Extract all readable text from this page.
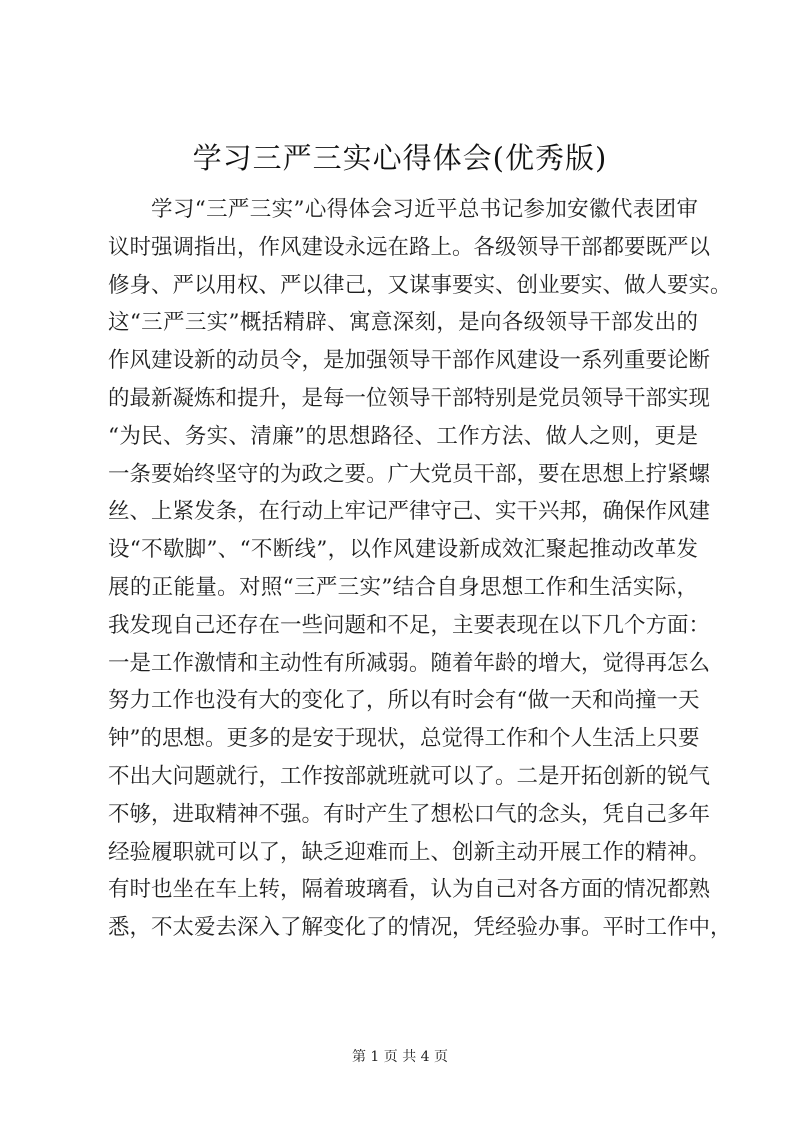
学习三严三实心得体会(优秀版)
学习“三严三实”心得体会习近平总书记参加安徽代表团审
议时强调指出，作风建设永远在路上。各级领导干部都要既严以
修身、严以用权、严以律己，又谋事要实、创业要实、做人要实。
这“三严三实”概括精辟、寓意深刻，是向各级领导干部发出的
作风建设新的动员令，是加强领导干部作风建设一系列重要论断
的最新凝炼和提升，是每一位领导干部特别是党员领导干部实现
“为民、务实、清廉”的思想路径、工作方法、做人之则，更是
一条要始终坚守的为政之要。广大党员干部，要在思想上拧紧螺
丝、上紧发条，在行动上牢记严律守己、实干兴邦，确保作风建
设“不歇脚”、“不断线”，以作风建设新成效汇聚起推动改革发
展的正能量。对照“三严三实”结合自身思想工作和生活实际，
我发现自己还存在一些问题和不足，主要表现在以下几个方面：
一是工作激情和主动性有所减弱。随着年龄的增大，觉得再怎么
努力工作也没有大的变化了，所以有时会有“做一天和尚撞一天
钟”的思想。更多的是安于现状，总觉得工作和个人生活上只要
不出大问题就行，工作按部就班就可以了。二是开拓创新的锐气
不够，进取精神不强。有时产生了想松口气的念头，凭自己多年
经验履职就可以了，缺乏迎难而上、创新主动开展工作的精神。
有时也坐在车上转，隔着玻璃看，认为自己对各方面的情况都熟
悉，不太爱去深入了解变化了的情况，凭经验办事。平时工作中，
第 1 页 共 4 页
